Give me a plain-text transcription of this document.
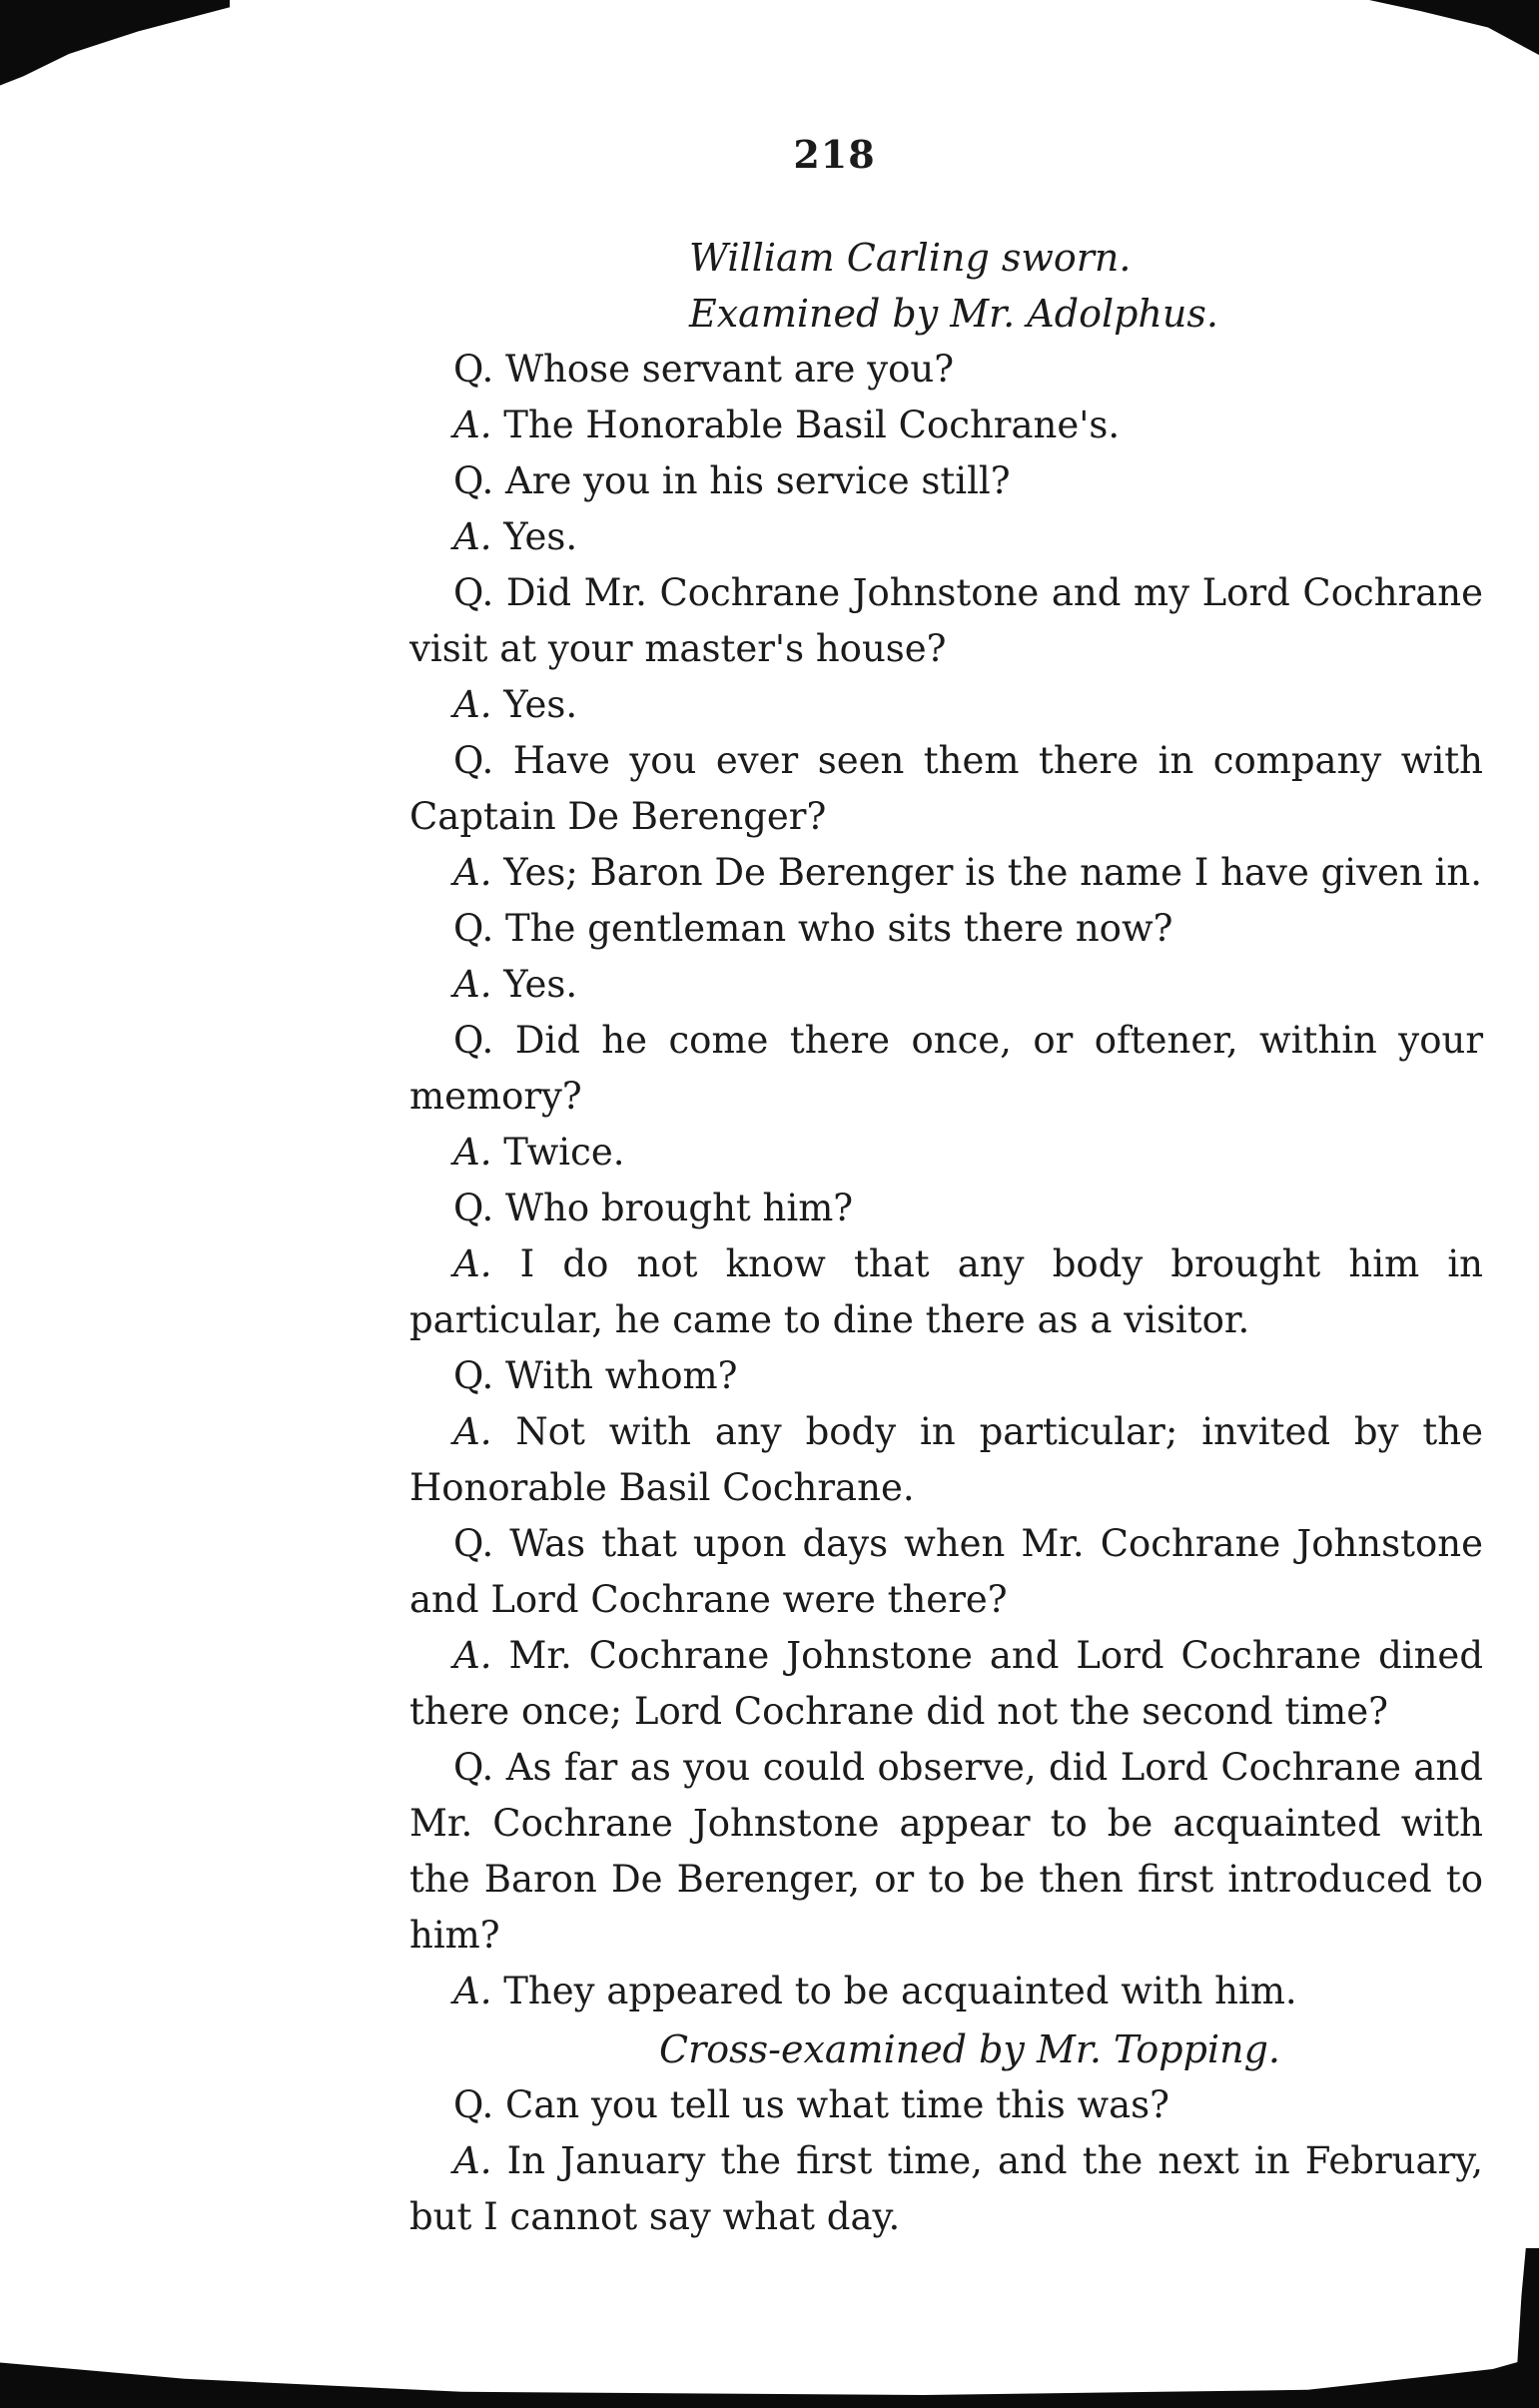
218

William Carling sworn.

Examined by Mr. Adolphus.

Q. Whose servant are you?

A. The Honorable Basil Cochrane's.

Q. Are you in his service still?

A. Yes.

Q. Did Mr. Cochrane Johnstone and my Lord Cochrane visit at your master's house?

A. Yes.

Q. Have you ever seen them there in company with Captain De Berenger?

A. Yes; Baron De Berenger is the name I have given in.

Q. The gentleman who sits there now?

A. Yes.

Q. Did he come there once, or oftener, within your memory?

A. Twice.

Q. Who brought him?

A. I do not know that any body brought him in particular, he came to dine there as a visitor.

Q. With whom?

A. Not with any body in particular; invited by the Honorable Basil Cochrane.

Q. Was that upon days when Mr. Cochrane Johnstone and Lord Cochrane were there?

A. Mr. Cochrane Johnstone and Lord Cochrane dined there once; Lord Cochrane did not the second time?

Q. As far as you could observe, did Lord Cochrane and Mr. Cochrane Johnstone appear to be acquainted with the Baron De Berenger, or to be then first introduced to him?

A. They appeared to be acquainted with him.

Cross-examined by Mr. Topping.

Q. Can you tell us what time this was?

A. In January the first time, and the next in February, but I cannot say what day.
